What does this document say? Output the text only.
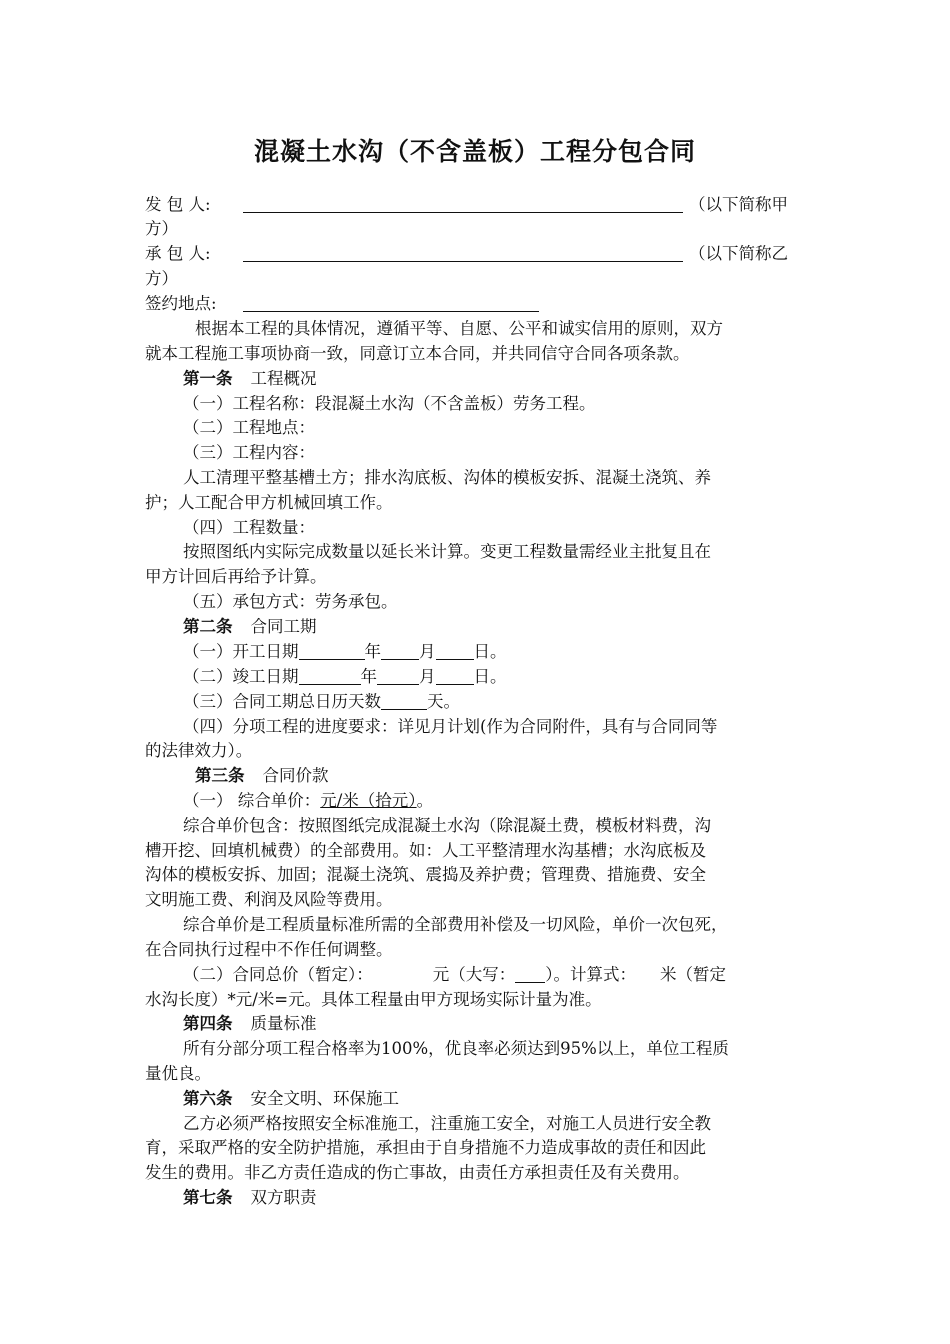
混凝土水沟（不含盖板）工程分包合同
发 包 人:	（以下简称甲
方）
承 包 人:	（以下简称乙
方）
签约地点:
根据本工程的具体情况，遵循平等、自愿、公平和诚实信用的原则，双方
就本工程施工事项协商一致，同意订立本合同，并共同信守合同各项条款。
第一条 工程概况
（一）工程名称：段混凝土水沟（不含盖板）劳务工程。
（二）工程地点：
（三）工程内容：
人工清理平整基槽土方；排水沟底板、沟体的模板安拆、混凝土浇筑、养
护；人工配合甲方机械回填工作。
（四）工程数量：
按照图纸内实际完成数量以延长米计算。变更工程数量需经业主批复且在
甲方计回后再给予计算。
（五）承包方式：劳务承包。
第二条 合同工期
（一）开工日期	年 月 日。
（二）竣工日期	年	月 日。
（三）合同工期总日历天数	天。
（四）分项工程的进度要求：详见月计划(作为合同附件，具有与合同同等
的法律效力）。
第三条 合同价款
（一） 综合单价：元/米（拾元）。
综合单价包含：按照图纸完成混凝土水沟（除混凝土费，模板材料费，沟
槽开挖、回填机械费）的全部费用。如：人工平整清理水沟基槽；水沟底板及
沟体的模板安拆、加固；混凝土浇筑、震捣及养护费；管理费、措施费、安全
文明施工费、利润及风险等费用。
综合单价是工程质量标准所需的全部费用补偿及一切风险，单价一次包死，
在合同执行过程中不作任何调整。
（二）合同总价（暂定）：	元（大写： ）。计算式： 米（暂定
水沟长度）*元/米=元。具体工程量由甲方现场实际计量为准。
第四条 质量标准
所有分部分项工程合格率为100%，优良率必须达到95%以上，单位工程质
量优良。
第六条 安全文明、环保施工
乙方必须严格按照安全标准施工，注重施工安全，对施工人员进行安全教
育，采取严格的安全防护措施，承担由于自身措施不力造成事故的责任和因此
发生的费用。非乙方责任造成的伤亡事故，由责任方承担责任及有关费用。
第七条 双方职责
